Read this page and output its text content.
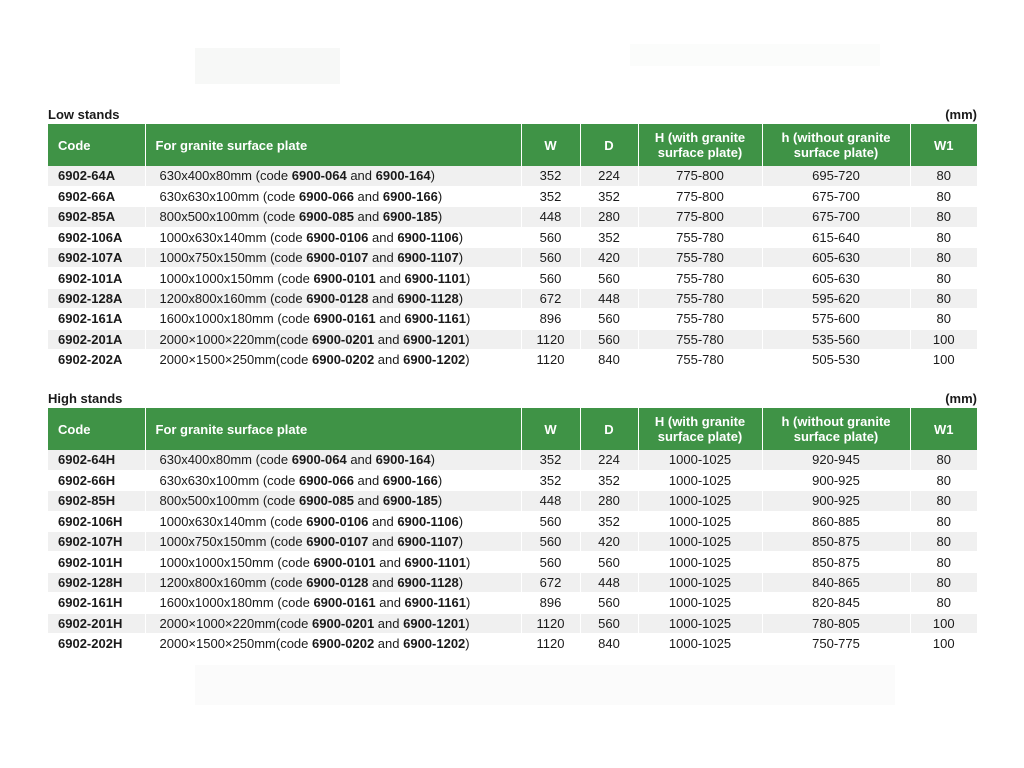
Low stands	(mm)
Code	For granite surface plate	W	D	H (with granite surface plate)	h (without granite surface plate)	W1
6902-64A	630x400x80mm (code 6900-064 and 6900-164)	352	224	775-800	695-720	80
6902-66A	630x630x100mm (code 6900-066 and 6900-166)	352	352	775-800	675-700	80
6902-85A	800x500x100mm (code 6900-085 and 6900-185)	448	280	775-800	675-700	80
6902-106A	1000x630x140mm (code 6900-0106 and 6900-1106)	560	352	755-780	615-640	80
6902-107A	1000x750x150mm (code 6900-0107 and 6900-1107)	560	420	755-780	605-630	80
6902-101A	1000x1000x150mm (code 6900-0101 and 6900-1101)	560	560	755-780	605-630	80
6902-128A	1200x800x160mm (code 6900-0128 and 6900-1128)	672	448	755-780	595-620	80
6902-161A	1600x1000x180mm (code 6900-0161 and 6900-1161)	896	560	755-780	575-600	80
6902-201A	2000×1000×220mm(code 6900-0201 and 6900-1201)	1120	560	755-780	535-560	100
6902-202A	2000×1500×250mm(code 6900-0202 and 6900-1202)	1120	840	755-780	505-530	100
High stands	(mm)
Code	For granite surface plate	W	D	H (with granite surface plate)	h (without granite surface plate)	W1
6902-64H	630x400x80mm (code 6900-064 and 6900-164)	352	224	1000-1025	920-945	80
6902-66H	630x630x100mm (code 6900-066 and 6900-166)	352	352	1000-1025	900-925	80
6902-85H	800x500x100mm (code 6900-085 and 6900-185)	448	280	1000-1025	900-925	80
6902-106H	1000x630x140mm (code 6900-0106 and 6900-1106)	560	352	1000-1025	860-885	80
6902-107H	1000x750x150mm (code 6900-0107 and 6900-1107)	560	420	1000-1025	850-875	80
6902-101H	1000x1000x150mm (code 6900-0101 and 6900-1101)	560	560	1000-1025	850-875	80
6902-128H	1200x800x160mm (code 6900-0128 and 6900-1128)	672	448	1000-1025	840-865	80
6902-161H	1600x1000x180mm (code 6900-0161 and 6900-1161)	896	560	1000-1025	820-845	80
6902-201H	2000×1000×220mm(code 6900-0201 and 6900-1201)	1120	560	1000-1025	780-805	100
6902-202H	2000×1500×250mm(code 6900-0202 and 6900-1202)	1120	840	1000-1025	750-775	100
